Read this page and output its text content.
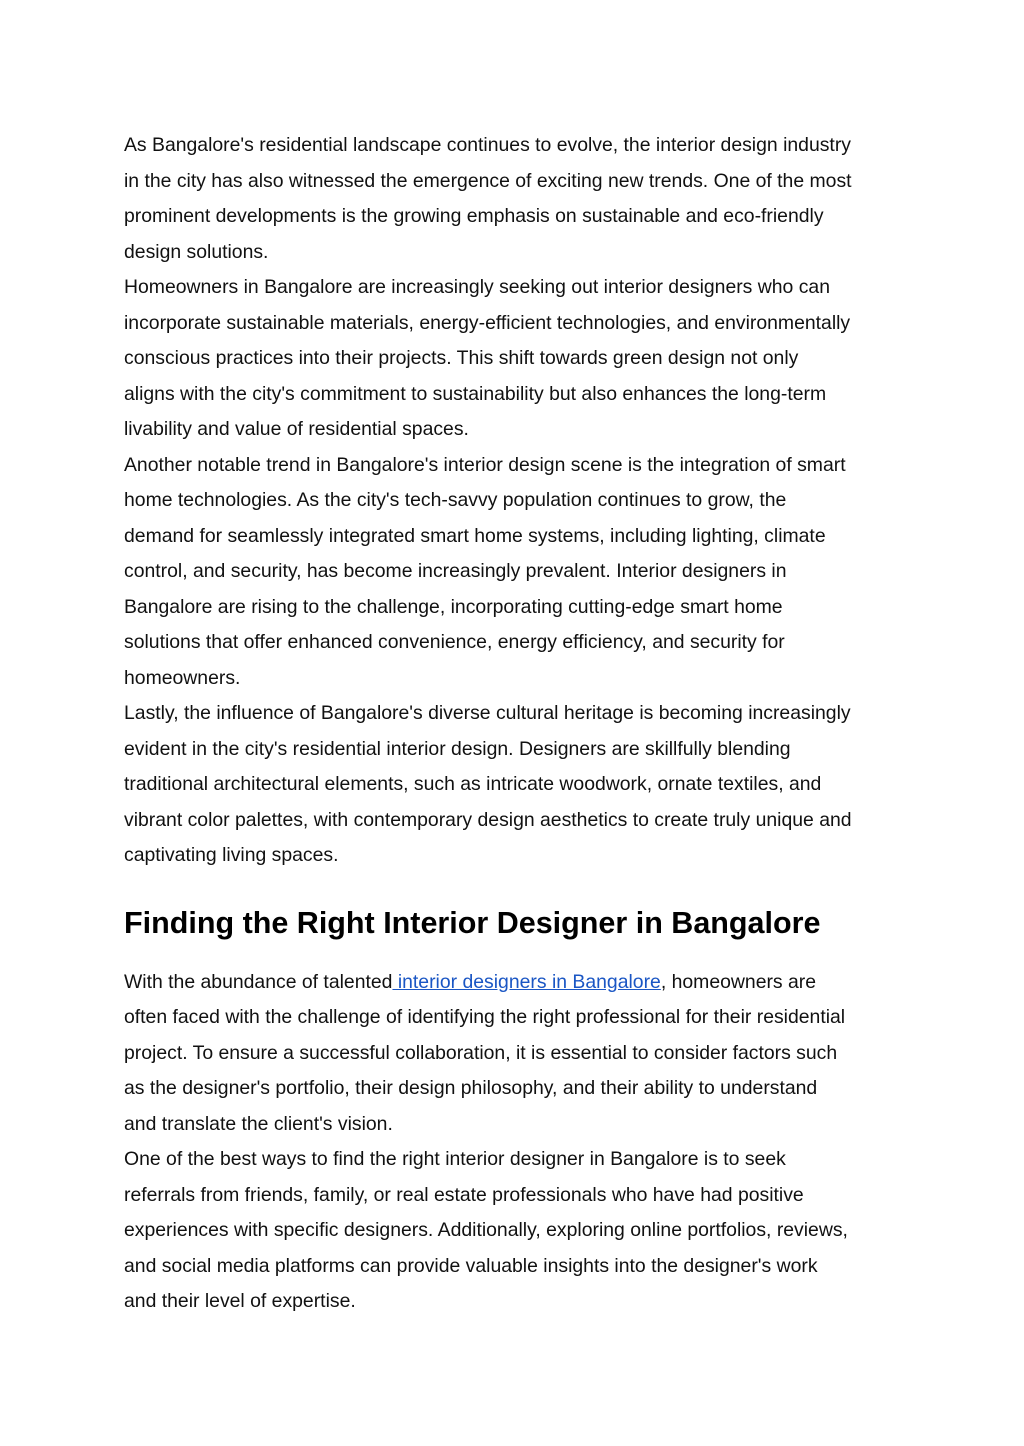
As Bangalore's residential landscape continues to evolve, the interior design industry
in the city has also witnessed the emergence of exciting new trends. One of the most
prominent developments is the growing emphasis on sustainable and eco-friendly
design solutions.

Homeowners in Bangalore are increasingly seeking out interior designers who can
incorporate sustainable materials, energy-efficient technologies, and environmentally
conscious practices into their projects. This shift towards green design not only
aligns with the city's commitment to sustainability but also enhances the long-term
livability and value of residential spaces.

Another notable trend in Bangalore's interior design scene is the integration of smart
home technologies. As the city's tech-savvy population continues to grow, the
demand for seamlessly integrated smart home systems, including lighting, climate
control, and security, has become increasingly prevalent. Interior designers in
Bangalore are rising to the challenge, incorporating cutting-edge smart home
solutions that offer enhanced convenience, energy efficiency, and security for
homeowners.

Lastly, the influence of Bangalore's diverse cultural heritage is becoming increasingly
evident in the city's residential interior design. Designers are skillfully blending
traditional architectural elements, such as intricate woodwork, ornate textiles, and
vibrant color palettes, with contemporary design aesthetics to create truly unique and
captivating living spaces.

Finding the Right Interior Designer in Bangalore

With the abundance of talented interior designers in Bangalore, homeowners are
often faced with the challenge of identifying the right professional for their residential
project. To ensure a successful collaboration, it is essential to consider factors such
as the designer's portfolio, their design philosophy, and their ability to understand
and translate the client's vision.

One of the best ways to find the right interior designer in Bangalore is to seek
referrals from friends, family, or real estate professionals who have had positive
experiences with specific designers. Additionally, exploring online portfolios, reviews,
and social media platforms can provide valuable insights into the designer's work
and their level of expertise.
